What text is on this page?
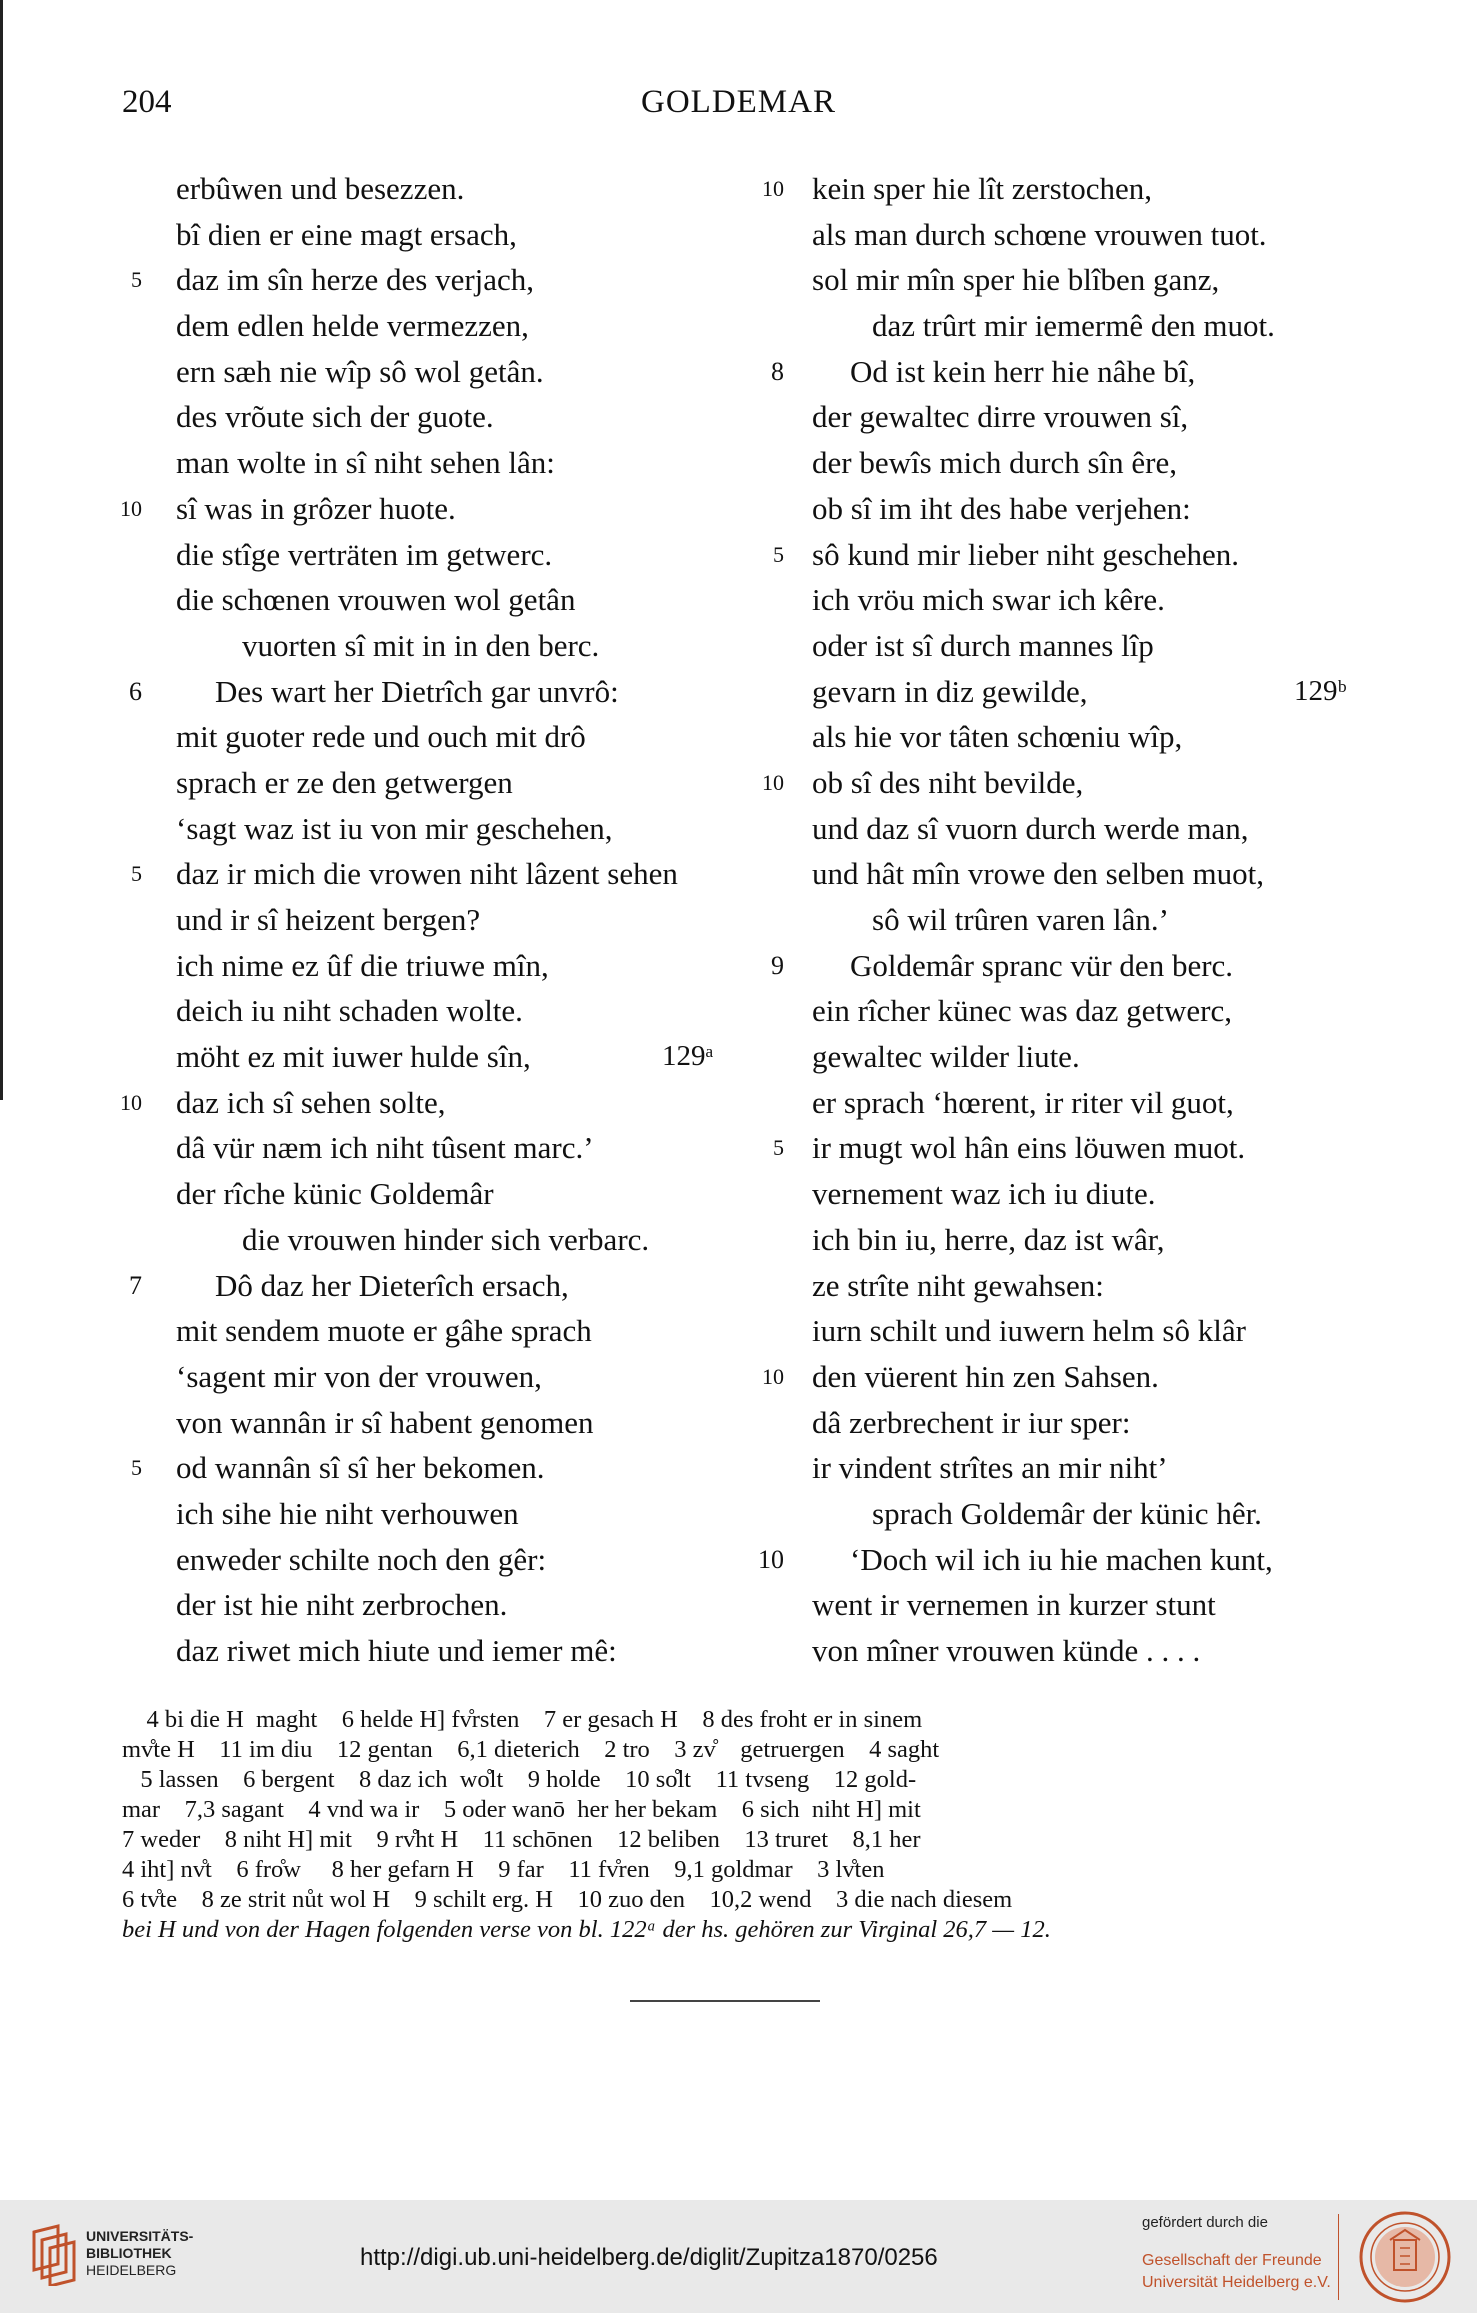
204	GOLDEMAR
erbûwen und besezzen.
bî dien er eine magt ersach,
5 daz im sîn herze des verjach,
dem edlen helde vermezzen,
ern sæh nie wîp sô wol getân.
des vrõute sich der guote.
man wolte in sî niht sehen lân:
10 sî was in grôzer huote.
die stîge verträten im getwerc.
die schœnen vrouwen wol getân
vuorten sî mit in in den berc.
6 Des wart her Dietrîch gar unvrô:
mit guoter rede und ouch mit drô
sprach er ze den getwergen
‘sagt waz ist iu von mir geschehen,
5 daz ir mich die vrowen niht lâzent sehen
und ir sî heizent bergen?
ich nime ez ûf die triuwe mîn,
deich iu niht schaden wolte.
möht ez mit iuwer hulde sîn,	129ᵃ
10 daz ich sî sehen solte,
dâ vür næm ich niht tûsent marc.’
der rîche künic Goldemâr
die vrouwen hinder sich verbarc.
7 Dô daz her Dieterîch ersach,
mit sendem muote er gâhe sprach
‘sagent mir von der vrouwen,
von wannân ir sî habent genomen
5 od wannân sî sî her bekomen.
ich sihe hie niht verhouwen
enweder schilte noch den gêr:
der ist hie niht zerbrochen.
daz riwet mich hiute und iemer mê:
10 kein sper hie lît zerstochen,
als man durch schœne vrouwen tuot.
sol mir mîn sper hie blîben ganz,
daz trûrt mir iemermê den muot.
8 Od ist kein herr hie nâhe bî,
der gewaltec dirre vrouwen sî,
der bewîs mich durch sîn êre,
ob sî im iht des habe verjehen:
5 sô kund mir lieber niht geschehen.
ich vröu mich swar ich kêre.
oder ist sî durch mannes lîp
gevarn in diz gewilde,	129ᵇ
als hie vor tâten schœniu wîp,
10 ob sî des niht bevilde,
und daz sî vuorn durch werde man,
und hât mîn vrowe den selben muot,
sô wil trûren varen lân.’
9 Goldemâr spranc vür den berc.
ein rîcher künec was daz getwerc,
gewaltec wilder liute.
er sprach ‘hœrent, ir riter vil guot,
5 ir mugt wol hân eins löuwen muot.
vernement waz ich iu diute.
ich bin iu, herre, daz ist wâr,
ze strîte niht gewahsen:
iurn schilt und iuwern helm sô klâr
10 den vüerent hin zen Sahsen.
dâ zerbrechent ir iur sper:
ir vindent strîtes an mir niht’
sprach Goldemâr der künic hêr.
10 ‘Doch wil ich iu hie machen kunt,
went ir vernemen in kurzer stunt
von mîner vrouwen künde . . . .
4 bi die H  maght    6 helde H] fv̊rsten    7 er gesach H    8 des froht er in sinem
mv̊te H    11 im diu    12 gentan    6,1 dieterich    2 tro    3 zv̊    getruergen    4 saght
5 lassen    6 bergent    8 daz ich  wo̊lt    9 holde    10 so̊lt    11 tvseng    12 gold-
mar    7,3 sagant    4 vnd wa ir    5 oder wanō  her her bekam    6 sich  niht H] mit
7 weder    8 niht H] mit    9 rv̊ht H    11 schōnen    12 beliben    13 truret    8,1 her
4 iht] nv̊t    6 fro̊w     8 her gefarn H    9 far    11 fv̊ren    9,1 goldmar    3 lv̊ten
6 tv̊te    8 ze strit nůt wol H    9 schilt erg. H    10 zuo den    10,2 wend    3 die nach diesem
bei H und von der Hagen folgenden verse von bl. 122ᵃ der hs. gehören zur Virginal 26,7 — 12.
UNIVERSITÄTS-
BIBLIOTHEK
HEIDELBERG	http://digi.ub.uni-heidelberg.de/diglit/Zupitza1870/0256
gefördert durch die
Gesellschaft der Freunde
Universität Heidelberg e.V.
